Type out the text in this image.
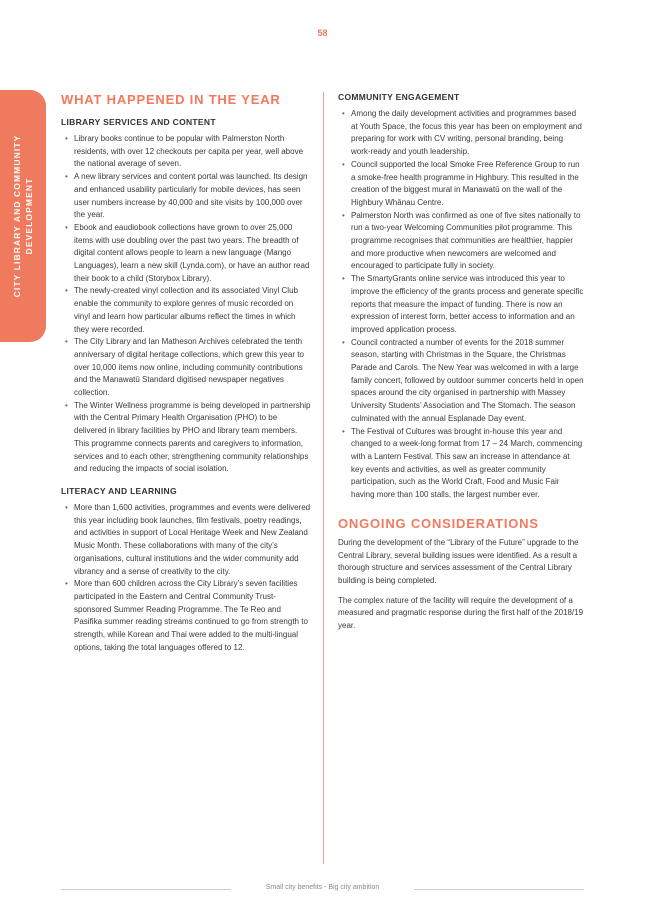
58
CITY LIBRARY AND COMMUNITY
DEVELOPMENT
WHAT HAPPENED IN THE YEAR
LIBRARY SERVICES AND CONTENT
• Library books continue to be popular with Palmerston North residents, with over 12 checkouts per capita per year, well above the national average of seven.
• A new library services and content portal was launched. Its design and enhanced usability particularly for mobile devices, has seen user numbers increase by 40,000 and site visits by 100,000 over the year.
• Ebook and eaudiobook collections have grown to over 25,000 items with use doubling over the past two years. The breadth of digital content allows people to learn a new language (Mango Languages), learn a new skill (Lynda.com), or have an author read their book to a child (Storybox Library).
• The newly-created vinyl collection and its associated Vinyl Club enable the community to explore genres of music recorded on vinyl and learn how particular albums reflect the times in which they were recorded.
• The City Library and Ian Matheson Archives celebrated the tenth anniversary of digital heritage collections, which grew this year to over 10,000 items now online, including community contributions and the Manawatū Standard digitised newspaper negatives collection.
• The Winter Wellness programme is being developed in partnership with the Central Primary Health Organisation (PHO) to be delivered in library facilities by PHO and library team members. This programme connects parents and caregivers to information, services and to each other, strengthening community relationships and reducing the impacts of social isolation.
LITERACY AND LEARNING
• More than 1,600 activities, programmes and events were delivered this year including book launches, film festivals, poetry readings, and activities in support of Local Heritage Week and New Zealand Music Month. These collaborations with many of the city’s organisations, cultural institutions and the wider community add vibrancy and a sense of creativity to the city.
• More than 600 children across the City Library’s seven facilities participated in the Eastern and Central Community Trust-sponsored Summer Reading Programme. The Te Reo and Pasifika summer reading streams continued to go from strength to strength, while Korean and Thai were added to the multi-lingual options, taking the total languages offered to 12.
COMMUNITY ENGAGEMENT
• Among the daily development activities and programmes based at Youth Space, the focus this year has been on employment and preparing for work with CV writing, personal branding, being work-ready and youth leadership.
• Council supported the local Smoke Free Reference Group to run a smoke-free health programme in Highbury. This resulted in the creation of the biggest mural in Manawatū on the wall of the Highbury Whānau Centre.
• Palmerston North was confirmed as one of five sites nationally to run a two-year Welcoming Communities pilot programme. This programme recognises that communities are healthier, happier and more productive when newcomers are welcomed and encouraged to participate fully in society.
• The SmartyGrants online service was introduced this year to improve the efficiency of the grants process and generate specific reports that measure the impact of funding. There is now an expression of interest form, better access to information and an improved application process.
• Council contracted a number of events for the 2018 summer season, starting with Christmas in the Square, the Christmas Parade and Carols. The New Year was welcomed in with a large family concert, followed by outdoor summer concerts held in open spaces around the city organised in partnership with Massey University Students’ Association and The Stomach. The season culminated with the annual Esplanade Day event.
• The Festival of Cultures was brought in-house this year and changed to a week-long format from 17 – 24 March, commencing with a Lantern Festival. This saw an increase in attendance at key events and activities, as well as greater community participation, such as the World Craft, Food and Music Fair having more than 100 stalls, the largest number ever.
ONGOING CONSIDERATIONS

During the development of the “Library of the Future” upgrade to the Central Library, several building issues were identified. As a result a thorough structure and services assessment of the Central Library building is being completed.

The complex nature of the facility will require the development of a measured and pragmatic response during the first half of the 2018/19 year.

Small city benefits - Big city ambition
